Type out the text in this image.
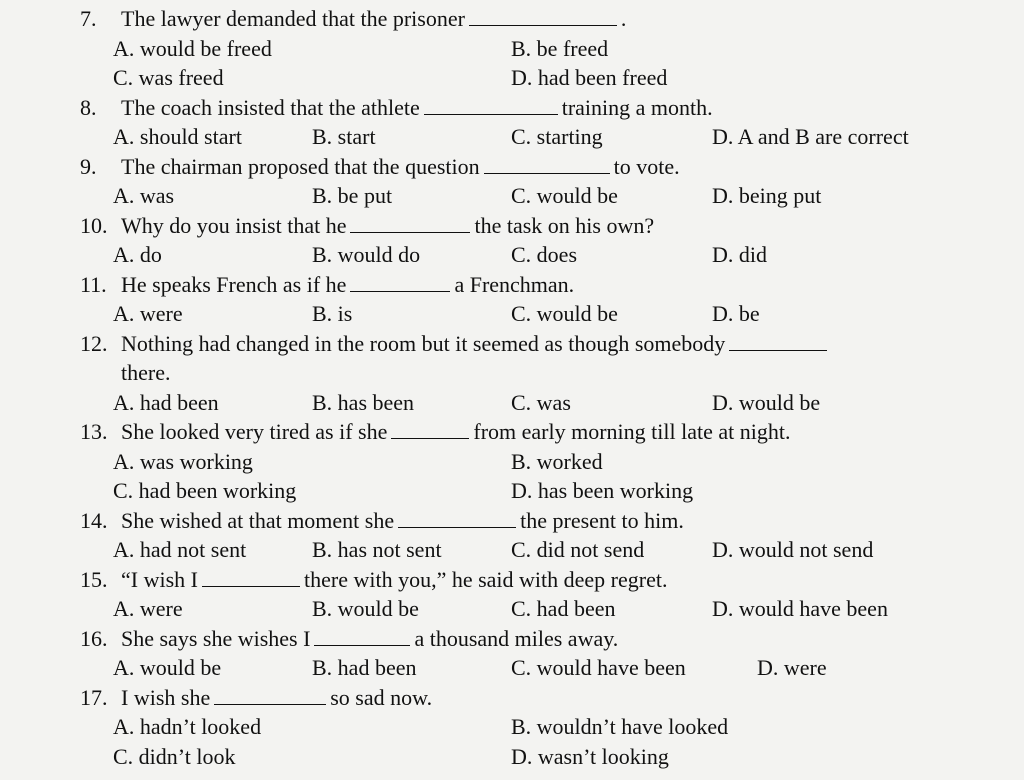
7. The lawyer demanded that the prisoner	.
A. would be freed	B. be freed
C. was freed	D. had been freed
8. The coach insisted that the athlete	training a month.
A. should start	B. start	C. starting	D. A and B are correct
9. The chairman proposed that the question	to vote.
A. was	B. be put	C. would be	D. being put
10. Why do you insist that he	the task on his own?
A. do	B. would do	C. does	D. did
11. He speaks French as if he	a Frenchman.
A. were	B. is	C. would be	D. be
12. Nothing had changed in the room but it seemed as though somebody
there.
A. had been	B. has been	C. was	D. would be
13. She looked very tired as if she	from early morning till late at night.
A. was working	B. worked
C. had been working	D. has been working
14. She wished at that moment she	the present to him.
A. had not sent	B. has not sent	C. did not send	D. would not send
15. “I wish I	there with you,” he said with deep regret.
A. were	B. would be	C. had been	D. would have been
16. She says she wishes I	a thousand miles away.
A. would be	B. had been	C. would have been	D. were
17. I wish she	so sad now.
A. hadn’t looked	B. wouldn’t have looked
C. didn’t look	D. wasn’t looking
